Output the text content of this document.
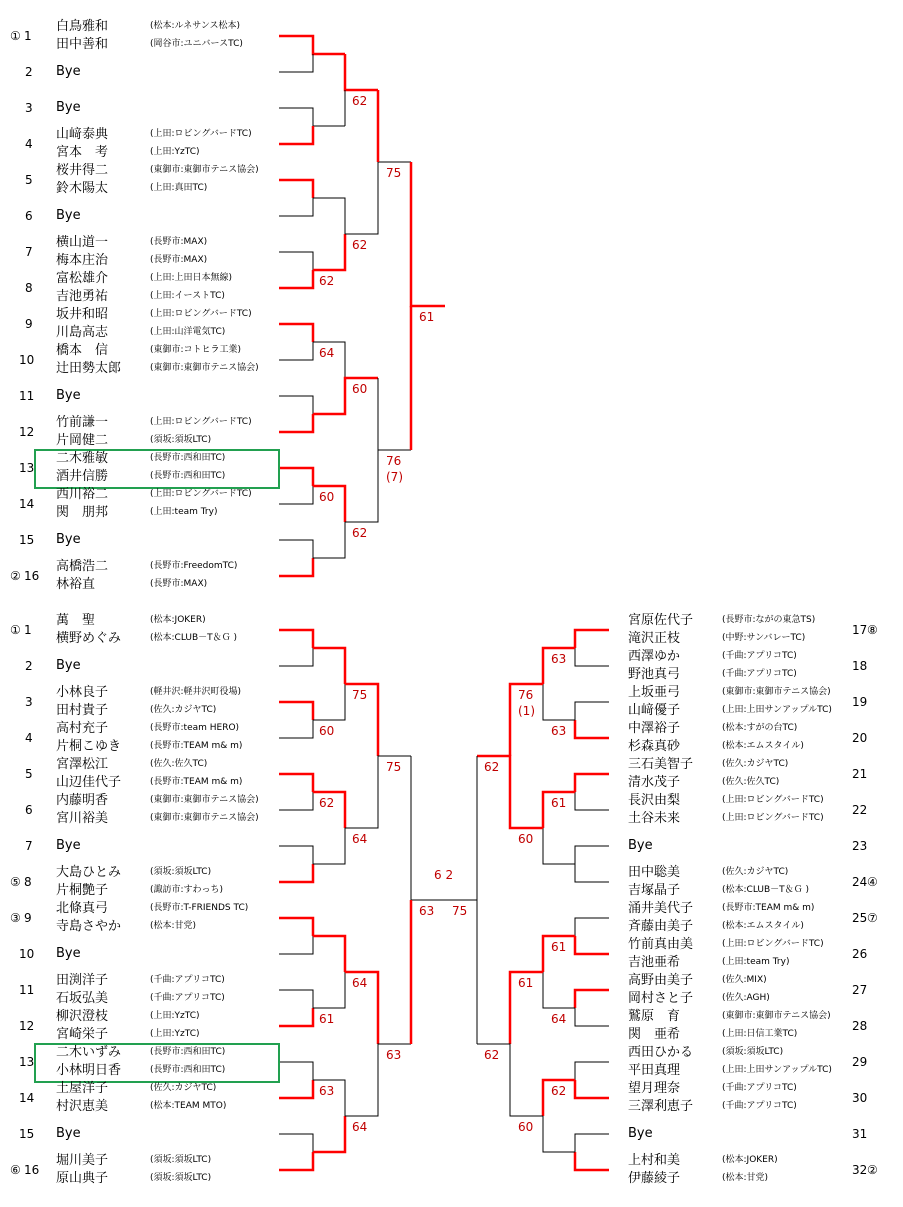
白鳥雅和	(松本:ルネサンス松本)
田中善和	(岡谷市:ユニバースTC)
① 1
Bye
2
Bye
3
山﨑泰典	(上田:ロビングバードTC)
宮本　考	(上田:YzTC)
4
桜井得二	(東御市:東御市テニス協会)
鈴木陽太	(上田:真田TC)
5
Bye
6
横山道一	(長野市:MAX)
梅本庄治	(長野市:MAX)
7
富松雄介	(上田:上田日本無線)
吉池勇祐	(上田:イーストTC)
8
坂井和昭	(上田:ロビングバードTC)
川島高志	(上田:山洋電気TC)
9
橋本　信	(東御市:コトヒラ工業)
辻田勢太郎	(東御市:東御市テニス協会)
10
Bye
11
竹前謙一	(上田:ロビングバードTC)
片岡健二	(須坂:須坂LTC)
12
二木雅敏	(長野市:西和田TC)
酒井信勝	(長野市:西和田TC)
13
西川裕二	(上田:ロビングバードTC)
関　朋邦	(上田:team Try)
14
Bye
15
高橋浩二	(長野市:FreedomTC)
林裕直	(長野市:MAX)
② 16
萬　聖	(松本:JOKER)
横野めぐみ	(松本:CLUB－T＆Ｇ )
① 1
Bye
2
小林良子	(軽井沢:軽井沢町役場)
田村貴子	(佐久:カジヤTC)
3
高村充子	(長野市:team HERO)
片桐こゆき	(長野市:TEAM m& m)
4
宮澤松江	(佐久:佐久TC)
山辺佳代子	(長野市:TEAM m& m)
5
内藤明香	(東御市:東御市テニス協会)
宮川裕美	(東御市:東御市テニス協会)
6
Bye
7
大島ひとみ	(須坂:須坂LTC)
片桐艶子	(諏訪市:すわっち)
⑤ 8
北條真弓	(長野市:T-FRIENDS TC)
寺島さやか	(松本:甘党)
③ 9
Bye
10
田渕洋子	(千曲:アプリコTC)
石坂弘美	(千曲:アプリコTC)
11
柳沢澄枝	(上田:YzTC)
宮崎栄子	(上田:YzTC)
12
二木いずみ	(長野市:西和田TC)
小林明日香	(長野市:西和田TC)
13
土屋洋子	(佐久:カジヤTC)
村沢恵美	(松本:TEAM MTO)
14
Bye
15
堀川美子	(須坂:須坂LTC)
原山典子	(須坂:須坂LTC)
⑥ 16
宮原佐代子	(長野市:ながの東急TS)
滝沢正枝	(中野:サンバレーTC)
17 ⑧
西澤ゆか	(千曲:アプリコTC)
野池真弓	(千曲:アプリコTC)
18
上坂亜弓	(東御市:東御市テニス協会)
山﨑優子	(上田:上田サンアップルTC)
19
中澤裕子	(松本:すがの台TC)
杉森真砂	(松本:エムスタイル)
20
三石美智子	(佐久:カジヤTC)
清水茂子	(佐久:佐久TC)
21
長沢由梨	(上田:ロビングバードTC)
土谷未来	(上田:ロビングバードTC)
22
Bye	23
田中聡美	(佐久:カジヤTC)
吉塚晶子	(松本:CLUB－T＆Ｇ )
24 ④
涌井美代子	(長野市:TEAM m& m)
斉藤由美子	(松本:エムスタイル)
25 ⑦
竹前真由美	(上田:ロビングバードTC)
吉池亜希	(上田:team Try)
26
高野由美子	(佐久:MIX)
岡村さと子	(佐久:AGH)
27
鷲原　育	(東御市:東御市テニス協会)
関　亜希	(上田:日信工業TC)
28
西田ひかる	(須坂:須坂LTC)
平田真理	(上田:上田サンアップルTC)
29
望月理奈	(千曲:アプリコTC)
三澤利恵子	(千曲:アプリコTC)
30
Bye	31
上村和美	(松本:JOKER)
伊藤綾子	(松本:甘党)
32 ②
62
75
62
62
61
64
60
76
(7)
60
62
75
60
75
62
64
64
61
63
64
63
63
63
76
(1)
63
61
60
62
61
64
61
62
60
62
6 2
75
